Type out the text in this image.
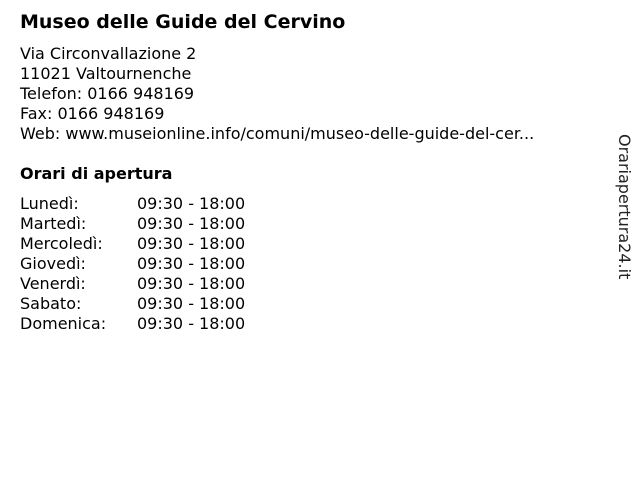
Museo delle Guide del Cervino
Via Circonvallazione 2
11021 Valtournenche
Telefon: 0166 948169
Fax: 0166 948169
Web: www.museionline.info/comuni/museo-delle-guide-del-cer...
Orari di apertura
Lunedì:	09:30 - 18:00
Martedì:	09:30 - 18:00
Mercoledì:	09:30 - 18:00
Giovedì:	09:30 - 18:00
Venerdì:	09:30 - 18:00
Sabato:	09:30 - 18:00
Domenica:	09:30 - 18:00
Orariapertura24.it
